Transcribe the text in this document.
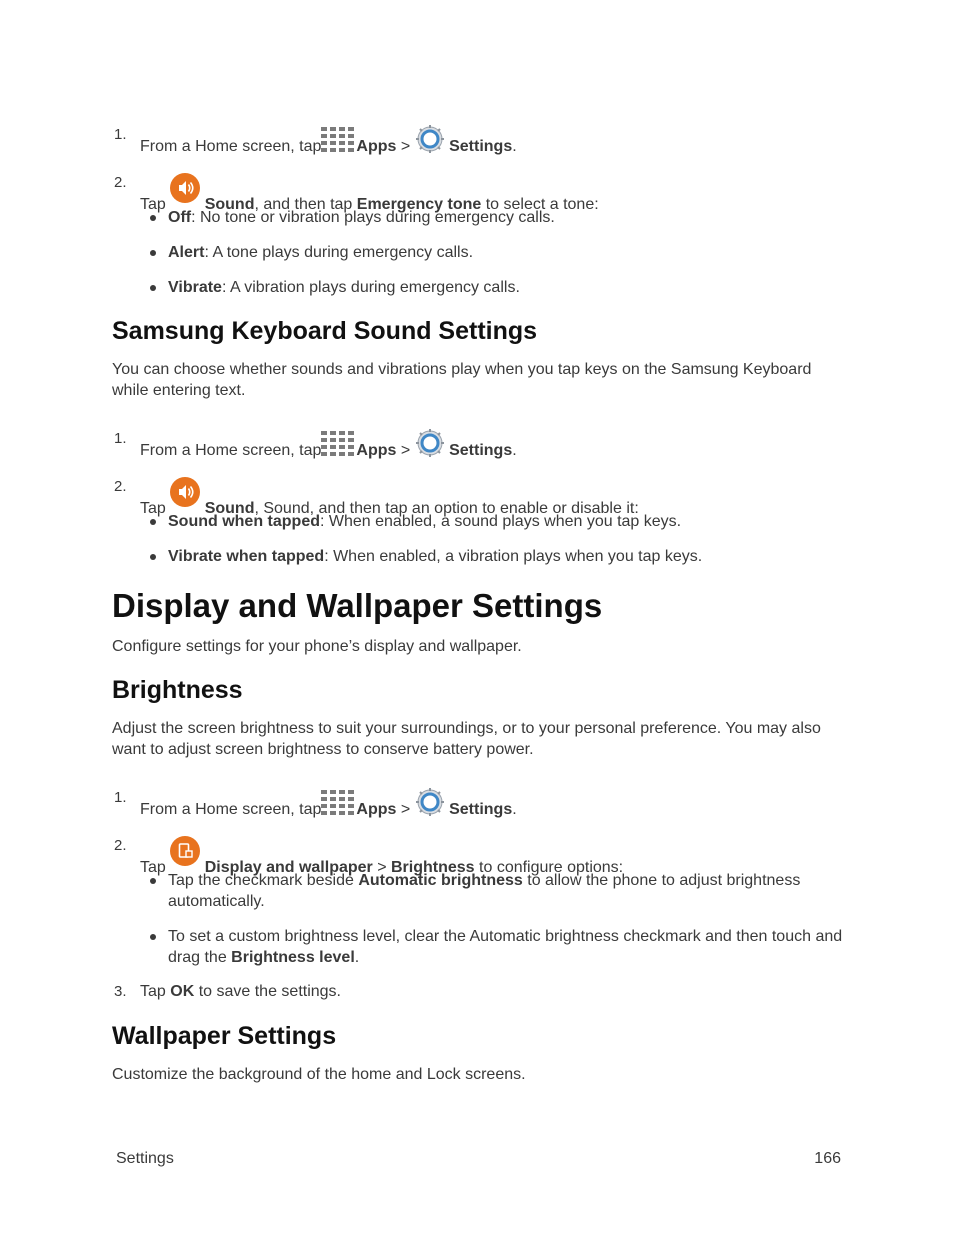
1.
From a Home screen, tap Apps > Settings.
2.
Tap Sound, and then tap Emergency tone to select a tone:
Off: No tone or vibration plays during emergency calls.
Alert: A tone plays during emergency calls.
Vibrate: A vibration plays during emergency calls.
Samsung Keyboard Sound Settings
You can choose whether sounds and vibrations play when you tap keys on the Samsung Keyboard while entering text.
1.
From a Home screen, tap Apps > Settings.
2.
Tap Sound, Sound, and then tap an option to enable or disable it:
Sound when tapped: When enabled, a sound plays when you tap keys.
Vibrate when tapped: When enabled, a vibration plays when you tap keys.
Display and Wallpaper Settings
Configure settings for your phone’s display and wallpaper.
Brightness
Adjust the screen brightness to suit your surroundings, or to your personal preference. You may also want to adjust screen brightness to conserve battery power.
1.
From a Home screen, tap Apps > Settings.
2.
Tap Display and wallpaper > Brightness to configure options:
Tap the checkmark beside Automatic brightness to allow the phone to adjust brightness automatically.
To set a custom brightness level, clear the Automatic brightness checkmark and then touch and drag the Brightness level.
3. Tap OK to save the settings.
Wallpaper Settings
Customize the background of the home and Lock screens.
Settings	166
